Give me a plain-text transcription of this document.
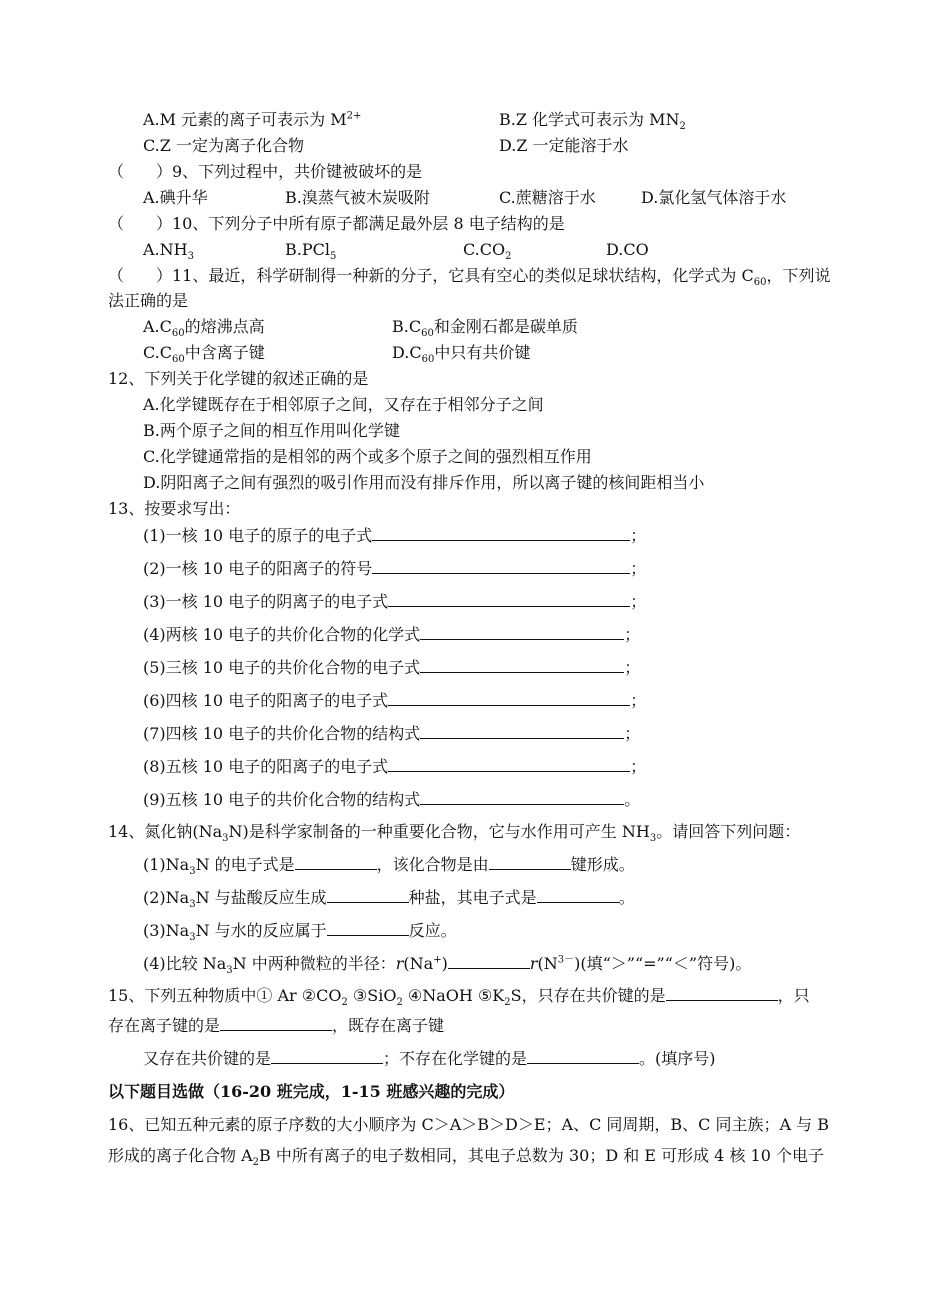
A.M 元素的离子可表示为 $M^{2+}$	B.Z 化学式可表示为 $MN_2$
C.Z 一定为离子化合物	D.Z 一定能溶于水
（　　）9、下列过程中，共价键被破坏的是
A.碘升华	B.溴蒸气被木炭吸附	C.蔗糖溶于水	D.氯化氢气体溶于水
（　　）10、下列分子中所有原子都满足最外层 8 电子结构的是
$A.NH_3$	B.PCl$_5$	$C.CO_2$	D.CO
（　　）11、最近，科学研制得一种新的分子，它具有空心的类似足球状结构，化学式为 $C_{60}$，下列说
法正确的是
$A.C_{60}$的熔沸点高	$B.C_{60}$和金刚石都是碳单质
$C.C_{60}$中含离子键	$D.C_{60}$中只有共价键
12、下列关于化学键的叙述正确的是
A.化学键既存在于相邻原子之间，又存在于相邻分子之间
B.两个原子之间的相互作用叫化学键
C.化学键通常指的是相邻的两个或多个原子之间的强烈相互作用
D.阴阳离子之间有强烈的吸引作用而没有排斥作用，所以离子键的核间距相当小
13、按要求写出：
(1)一核 10 电子的原子的电子式	；
(2)一核 10 电子的阳离子的符号	；
(3)一核 10 电子的阴离子的电子式	；
(4)两核 10 电子的共价化合物的化学式	；
(5)三核 10 电子的共价化合物的电子式	；
(6)四核 10 电子的阳离子的电子式	；
(7)四核 10 电子的共价化合物的结构式	；
(8)五核 10 电子的阳离子的电子式	；
(9)五核 10 电子的共价化合物的结构式	。
14、氮化钠$(Na_3N)$是科学家制备的一种重要化合物，它与水作用可产生 $NH_3$。请回答下列问题：
$(1)Na_3N$ 的电子式是	，该化合物是由	键形成。
$(2)Na_3N$ 与盐酸反应生成	种盐，其电子式是	。
$(3)Na_3N$ 与水的反应属于	反应。
(4)比较 $Na_3N$ 中两种微粒的半径：r(Na+)	$r(N^{3-})$(填“＞”“=”“＜”符号)。
15、下列五种物质中① Ar $②CO_2$ ③SiO$_2$ ④NaOH $⑤K_2S$，只存在共价键的是	，只
存在离子键的是	，既存在离子键
又存在共价键的是	；不存在化学键的是	。(填序号)
以下题目选做（16-20 班完成，1-15 班感兴趣的完成）
16、已知五种元素的原子序数的大小顺序为 C＞A＞B＞D＞E；A、C 同周期，B、C 同主族；A 与 B
形成的离子化合物 $A_2B$ 中所有离子的电子数相同，其电子总数为 30；D 和 E 可形成 4 核 10 个电子
